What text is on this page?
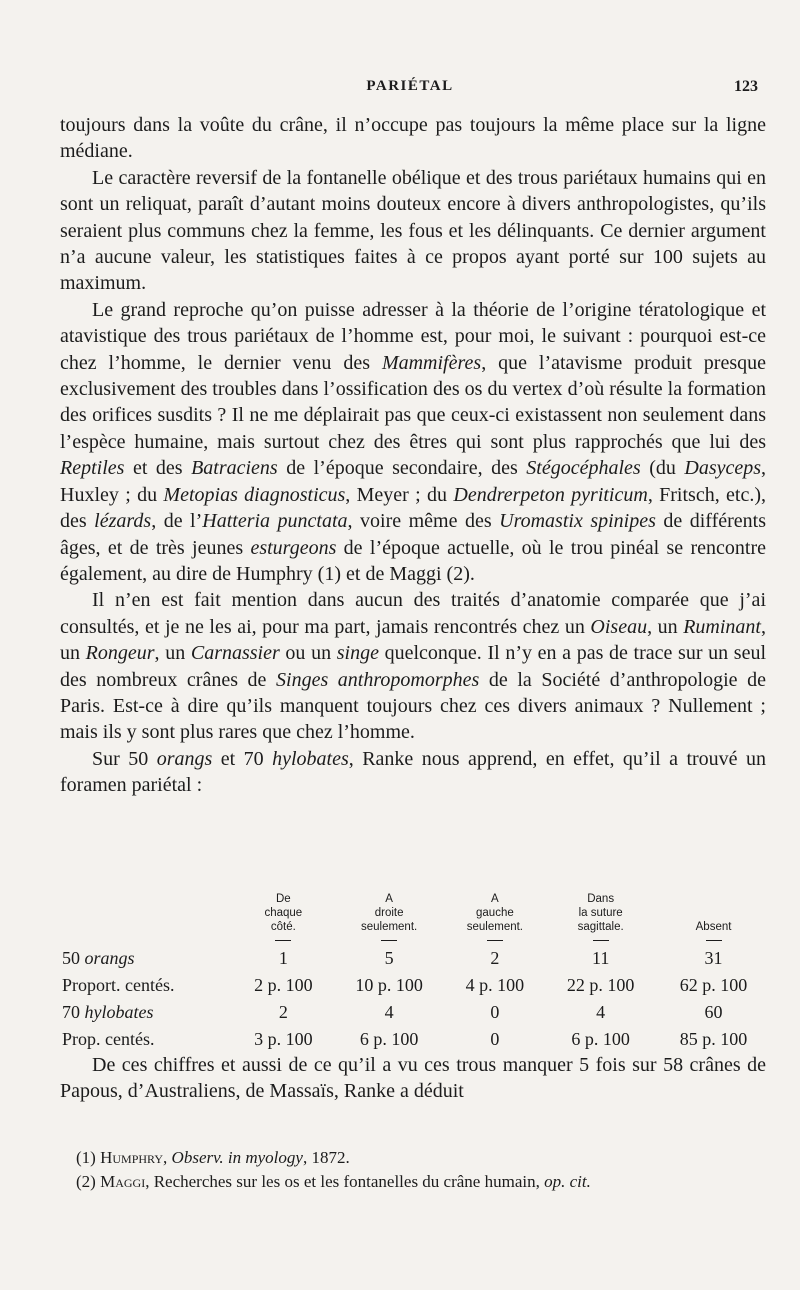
PARIÉTAL	123

toujours dans la voûte du crâne, il n’occupe pas toujours la même place sur la ligne médiane.

Le caractère reversif de la fontanelle obélique et des trous pariétaux humains qui en sont un reliquat, paraît d’autant moins douteux encore à divers anthropologistes, qu’ils seraient plus communs chez la femme, les fous et les délinquants. Ce dernier argument n’a aucune valeur, les statistiques faites à ce propos ayant porté sur 100 sujets au maximum.

Le grand reproche qu’on puisse adresser à la théorie de l’origine tératologique et atavistique des trous pariétaux de l’homme est, pour moi, le suivant : pourquoi est-ce chez l’homme, le dernier venu des Mammifères, que l’atavisme produit presque exclusivement des troubles dans l’ossification des os du vertex d’où résulte la formation des orifices susdits ? Il ne me déplairait pas que ceux-ci existassent non seulement dans l’espèce humaine, mais surtout chez des êtres qui sont plus rapprochés que lui des Reptiles et des Batraciens de l’époque secondaire, des Stégocéphales (du Dasyceps, Huxley ; du Metopias diagnosticus, Meyer ; du Dendrerpeton pyriticum, Fritsch, etc.), des lézards, de l’Hatteria punctata, voire même des Uromastix spinipes de différents âges, et de très jeunes esturgeons de l’époque actuelle, où le trou pinéal se rencontre également, au dire de Humphry (1) et de Maggi (2).

Il n’en est fait mention dans aucun des traités d’anatomie comparée que j’ai consultés, et je ne les ai, pour ma part, jamais rencontrés chez un Oiseau, un Ruminant, un Rongeur, un Carnassier ou un singe quelconque. Il n’y en a pas de trace sur un seul des nombreux crânes de Singes anthropomorphes de la Société d’anthropologie de Paris. Est-ce à dire qu’ils manquent toujours chez ces divers animaux ? Nullement ; mais ils y sont plus rares que chez l’homme.

Sur 50 orangs et 70 hylobates, Ranke nous apprend, en effet, qu’il a trouvé un foramen pariétal :

	De
chaque
côté.	A
droite
seulement.	A
gauche
seulement.	Dans
la suture
sagittale.	Absent

50 orangs	1	5	2	11	31
Proport. centés.	2 p. 100	10 p. 100	4 p. 100	22 p. 100	62 p. 100
70 hylobates	2	4	0	4	60
Prop. centés.	3 p. 100	6 p. 100	0	6 p. 100	85 p. 100

De ces chiffres et aussi de ce qu’il a vu ces trous manquer 5 fois sur 58 crânes de Papous, d’Australiens, de Massaïs, Ranke a déduit

(1) Humphry, Observ. in myology, 1872.

(2) Maggi, Recherches sur les os et les fontanelles du crâne humain, op. cit.
